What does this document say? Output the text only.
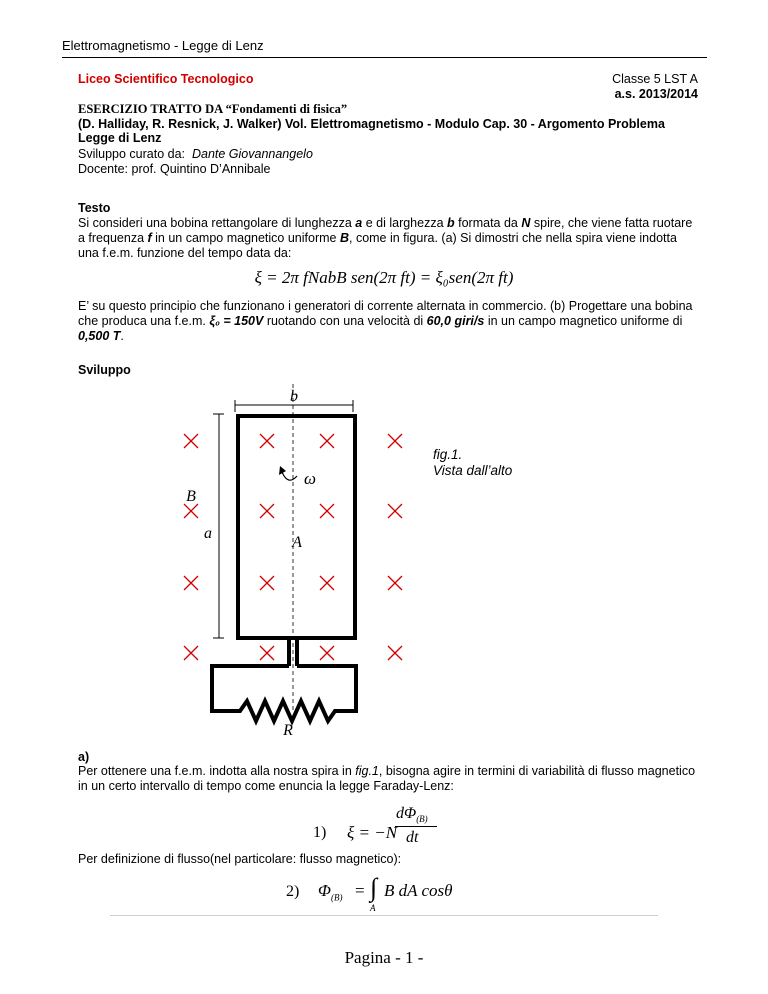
Elettromagnetismo - Legge di Lenz
Liceo Scientifico Tecnologico	Classe 5 LST A
a.s. 2013/2014
ESERCIZIO TRATTO DA “Fondamenti di fisica”
(D. Halliday, R. Resnick, J. Walker) Vol. Elettromagnetismo - Modulo Cap. 30 - Argomento Problema Legge di Lenz
Sviluppo curato da: Dante Giovannangelo
Docente: prof. Quintino D’Annibale
Testo
Si consideri una bobina rettangolare di lunghezza a e di larghezza b formata da N spire, che viene fatta ruotare a frequenza f in un campo magnetico uniforme B, come in figura. (a) Si dimostri che nella spira viene indotta una f.e.m. funzione del tempo data da:
ξ = 2π fNabB sen(2π ft) = ξ₀sen(2π ft)
E’ su questo principio che funzionano i generatori di corrente alternata in commercio. (b) Progettare una bobina che produca una f.e.m. ξ₀ = 150V ruotando con una velocità di 60,0 giri/s in un campo magnetico uniforme di 0,500 T.
Sviluppo
b
a
R
ω
B
A
fig.1.
Vista dall’alto
a)
Per ottenere una f.e.m. indotta alla nostra spira in fig.1, bisogna agire in termini di variabilità di flusso magnetico in un certo intervallo di tempo come enuncia la legge Faraday-Lenz:
1) ξ = −N
$d\Phi_{(B)}$
dt
Per definizione di flusso(nel particolare: flusso magnetico):
2) $\Phi_{(B)}$ = ∫
A
B dA cosθ
Pagina - 1 -
